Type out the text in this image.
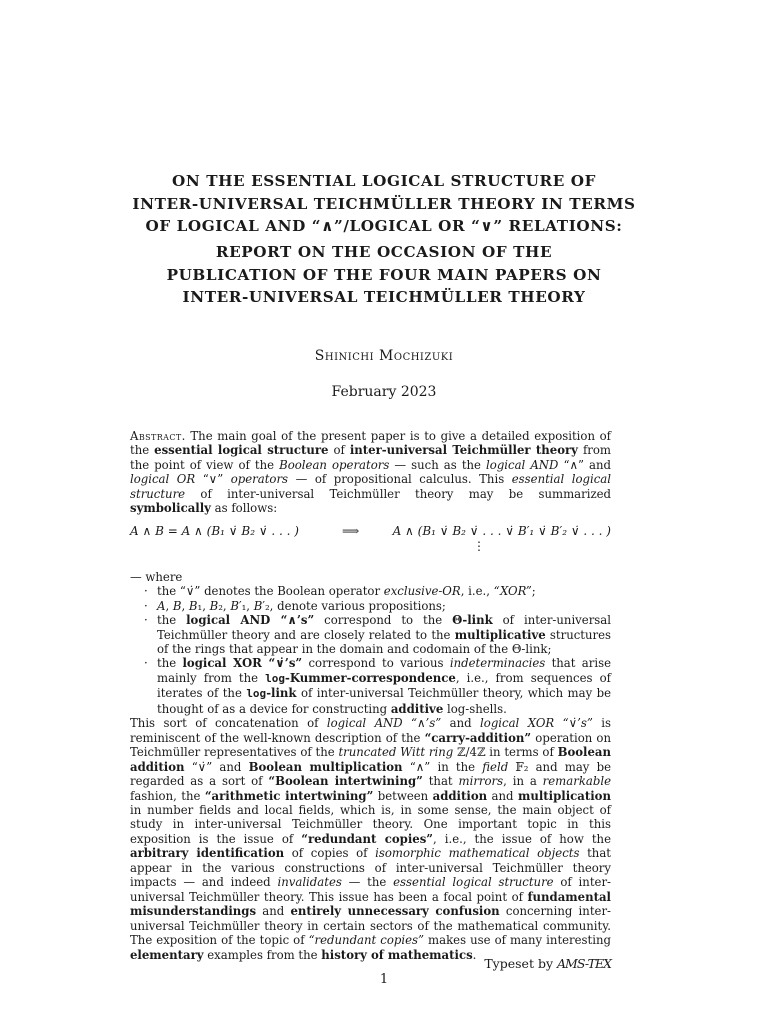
ON THE ESSENTIAL LOGICAL STRUCTURE OF
INTER-UNIVERSAL TEICHMÜLLER THEORY IN TERMS
OF LOGICAL AND “∧”/LOGICAL OR “∨” RELATIONS:
REPORT ON THE OCCASION OF THE
PUBLICATION OF THE FOUR MAIN PAPERS ON
INTER-UNIVERSAL TEICHMÜLLER THEORY
Shinichi Mochizuki
February 2023

Abstract. The main goal of the present paper is to give a detailed exposition of the essential logical structure of inter-universal Teichmüller theory from the point of view of the Boolean operators — such as the logical AND “∧” and logical OR “∨” operators — of propositional calculus. This essential logical structure of inter-universal Teichmüller theory may be summarized symbolically as follows:

A ∧ B = A ∧ (B₁ ∨̇ B₂ ∨̇ . . . )	⟹	A ∧ (B₁ ∨̇ B₂ ∨̇ . . . ∨̇ B′₁ ∨̇ B′₂ ∨̇ . . . )
⋮

— where

· the “∨̇” denotes the Boolean operator exclusive-OR, i.e., “XOR”;
· A, B, B₁, B₂, B′₁, B′₂, denote various propositions;
· the logical AND “∧’s” correspond to the Θ-link of inter-universal Teichmüller theory and are closely related to the multiplicative structures of the rings that appear in the domain and codomain of the Θ-link;
· the logical XOR “∨̇’s” correspond to various indeterminacies that arise mainly from the log-Kummer-correspondence, i.e., from sequences of iterates of the log-link of inter-universal Teichmüller theory, which may be thought of as a device for constructing additive log-shells.

This sort of concatenation of logical AND “∧’s” and logical XOR “∨̇’s” is reminiscent of the well-known description of the “carry-addition” operation on Teichmüller representatives of the truncated Witt ring ℤ/4ℤ in terms of Boolean addition “∨̇” and Boolean multiplication “∧” in the field 𝔽₂ and may be regarded as a sort of “Boolean intertwining” that mirrors, in a remarkable fashion, the “arithmetic intertwining” between addition and multiplication in number fields and local fields, which is, in some sense, the main object of study in inter-universal Teichmüller theory. One important topic in this exposition is the issue of “redundant copies”, i.e., the issue of how the arbitrary identification of copies of isomorphic mathematical objects that appear in the various constructions of inter-universal Teichmüller theory impacts — and indeed invalidates — the essential logical structure of inter-universal Teichmüller theory. This issue has been a focal point of fundamental misunderstandings and entirely unnecessary confusion concerning inter-universal Teichmüller theory in certain sectors of the mathematical community. The exposition of the topic of “redundant copies” makes use of many interesting elementary examples from the history of mathematics.

Typeset by AMS-TEX
1
